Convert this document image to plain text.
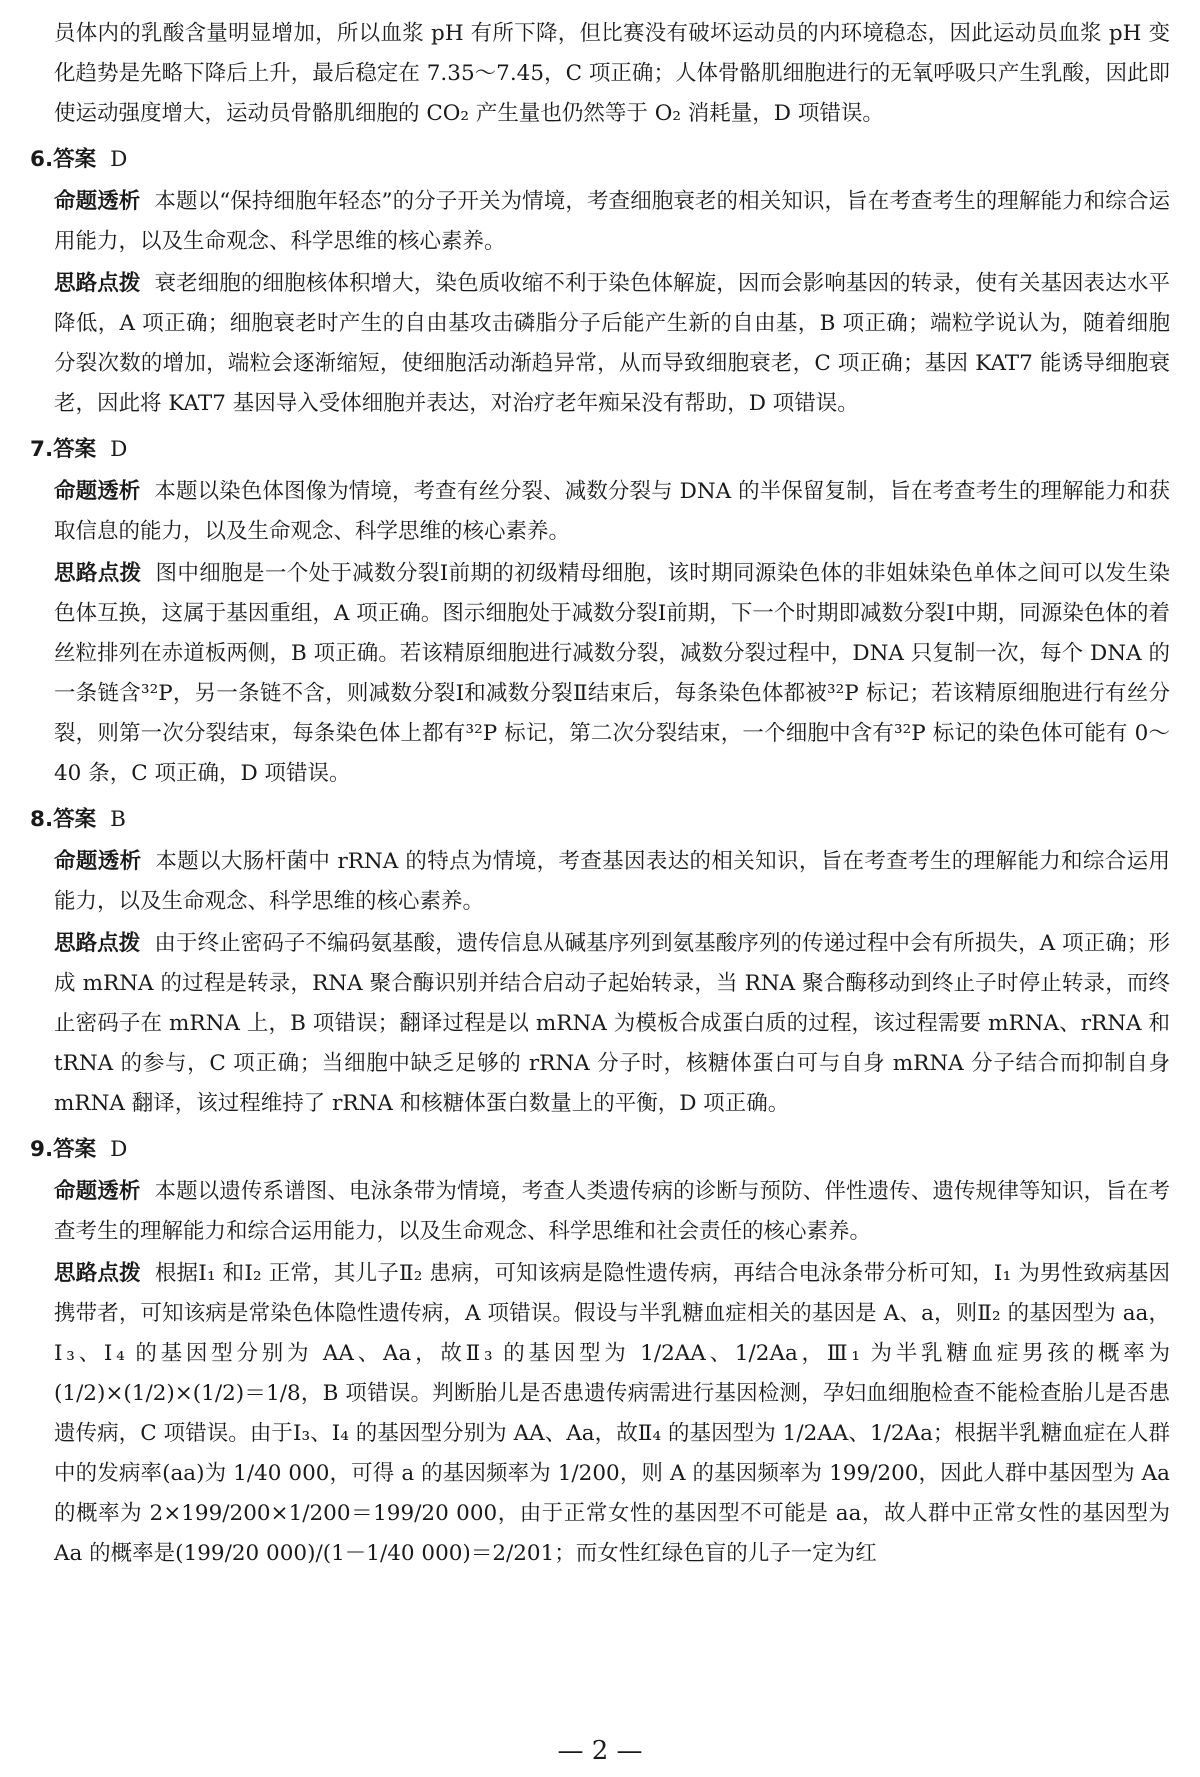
员体内的乳酸含量明显增加，所以血浆 pH 有所下降，但比赛没有破坏运动员的内环境稳态，因此运动员血浆 pH 变化趋势是先略下降后上升，最后稳定在 7.35～7.45，C 项正确；人体骨骼肌细胞进行的无氧呼吸只产生乳酸，因此即使运动强度增大，运动员骨骼肌细胞的 CO₂ 产生量也仍然等于 O₂ 消耗量，D 项错误。

6.答案 D

命题透析 本题以“保持细胞年轻态”的分子开关为情境，考查细胞衰老的相关知识，旨在考查考生的理解能力和综合运用能力，以及生命观念、科学思维的核心素养。

思路点拨 衰老细胞的细胞核体积增大，染色质收缩不利于染色体解旋，因而会影响基因的转录，使有关基因表达水平降低，A 项正确；细胞衰老时产生的自由基攻击磷脂分子后能产生新的自由基，B 项正确；端粒学说认为，随着细胞分裂次数的增加，端粒会逐渐缩短，使细胞活动渐趋异常，从而导致细胞衰老，C 项正确；基因 KAT7 能诱导细胞衰老，因此将 KAT7 基因导入受体细胞并表达，对治疗老年痴呆没有帮助，D 项错误。

7.答案 D

命题透析 本题以染色体图像为情境，考查有丝分裂、减数分裂与 DNA 的半保留复制，旨在考查考生的理解能力和获取信息的能力，以及生命观念、科学思维的核心素养。

思路点拨 图中细胞是一个处于减数分裂Ⅰ前期的初级精母细胞，该时期同源染色体的非姐妹染色单体之间可以发生染色体互换，这属于基因重组，A 项正确。图示细胞处于减数分裂Ⅰ前期，下一个时期即减数分裂Ⅰ中期，同源染色体的着丝粒排列在赤道板两侧，B 项正确。若该精原细胞进行减数分裂，减数分裂过程中，DNA 只复制一次，每个 DNA 的一条链含³²P，另一条链不含，则减数分裂Ⅰ和减数分裂Ⅱ结束后，每条染色体都被³²P 标记；若该精原细胞进行有丝分裂，则第一次分裂结束，每条染色体上都有³²P 标记，第二次分裂结束，一个细胞中含有³²P 标记的染色体可能有 0～40 条，C 项正确，D 项错误。

8.答案 B

命题透析 本题以大肠杆菌中 rRNA 的特点为情境，考查基因表达的相关知识，旨在考查考生的理解能力和综合运用能力，以及生命观念、科学思维的核心素养。

思路点拨 由于终止密码子不编码氨基酸，遗传信息从碱基序列到氨基酸序列的传递过程中会有所损失，A 项正确；形成 mRNA 的过程是转录，RNA 聚合酶识别并结合启动子起始转录，当 RNA 聚合酶移动到终止子时停止转录，而终止密码子在 mRNA 上，B 项错误；翻译过程是以 mRNA 为模板合成蛋白质的过程，该过程需要 mRNA、rRNA 和 tRNA 的参与，C 项正确；当细胞中缺乏足够的 rRNA 分子时，核糖体蛋白可与自身 mRNA 分子结合而抑制自身 mRNA 翻译，该过程维持了 rRNA 和核糖体蛋白数量上的平衡，D 项正确。

9.答案 D

命题透析 本题以遗传系谱图、电泳条带为情境，考查人类遗传病的诊断与预防、伴性遗传、遗传规律等知识，旨在考查考生的理解能力和综合运用能力，以及生命观念、科学思维和社会责任的核心素养。

思路点拨 根据Ⅰ₁ 和Ⅰ₂ 正常，其儿子Ⅱ₂ 患病，可知该病是隐性遗传病，再结合电泳条带分析可知，Ⅰ₁ 为男性致病基因携带者，可知该病是常染色体隐性遗传病，A 项错误。假设与半乳糖血症相关的基因是 A、a，则Ⅱ₂ 的基因型为 aa，Ⅰ₃、Ⅰ₄ 的基因型分别为 AA、Aa，故Ⅱ₃ 的基因型为 1/2AA、1/2Aa，Ⅲ₁ 为半乳糖血症男孩的概率为(1/2)×(1/2)×(1/2)＝1/8，B 项错误。判断胎儿是否患遗传病需进行基因检测，孕妇血细胞检查不能检查胎儿是否患遗传病，C 项错误。由于Ⅰ₃、Ⅰ₄ 的基因型分别为 AA、Aa，故Ⅱ₄ 的基因型为 1/2AA、1/2Aa；根据半乳糖血症在人群中的发病率(aa)为 1/40 000，可得 a 的基因频率为 1/200，则 A 的基因频率为 199/200，因此人群中基因型为 Aa 的概率为 2×199/200×1/200＝199/20 000，由于正常女性的基因型不可能是 aa，故人群中正常女性的基因型为 Aa 的概率是(199/20 000)/(1－1/40 000)＝2/201；而女性红绿色盲的儿子一定为红

— 2 —
